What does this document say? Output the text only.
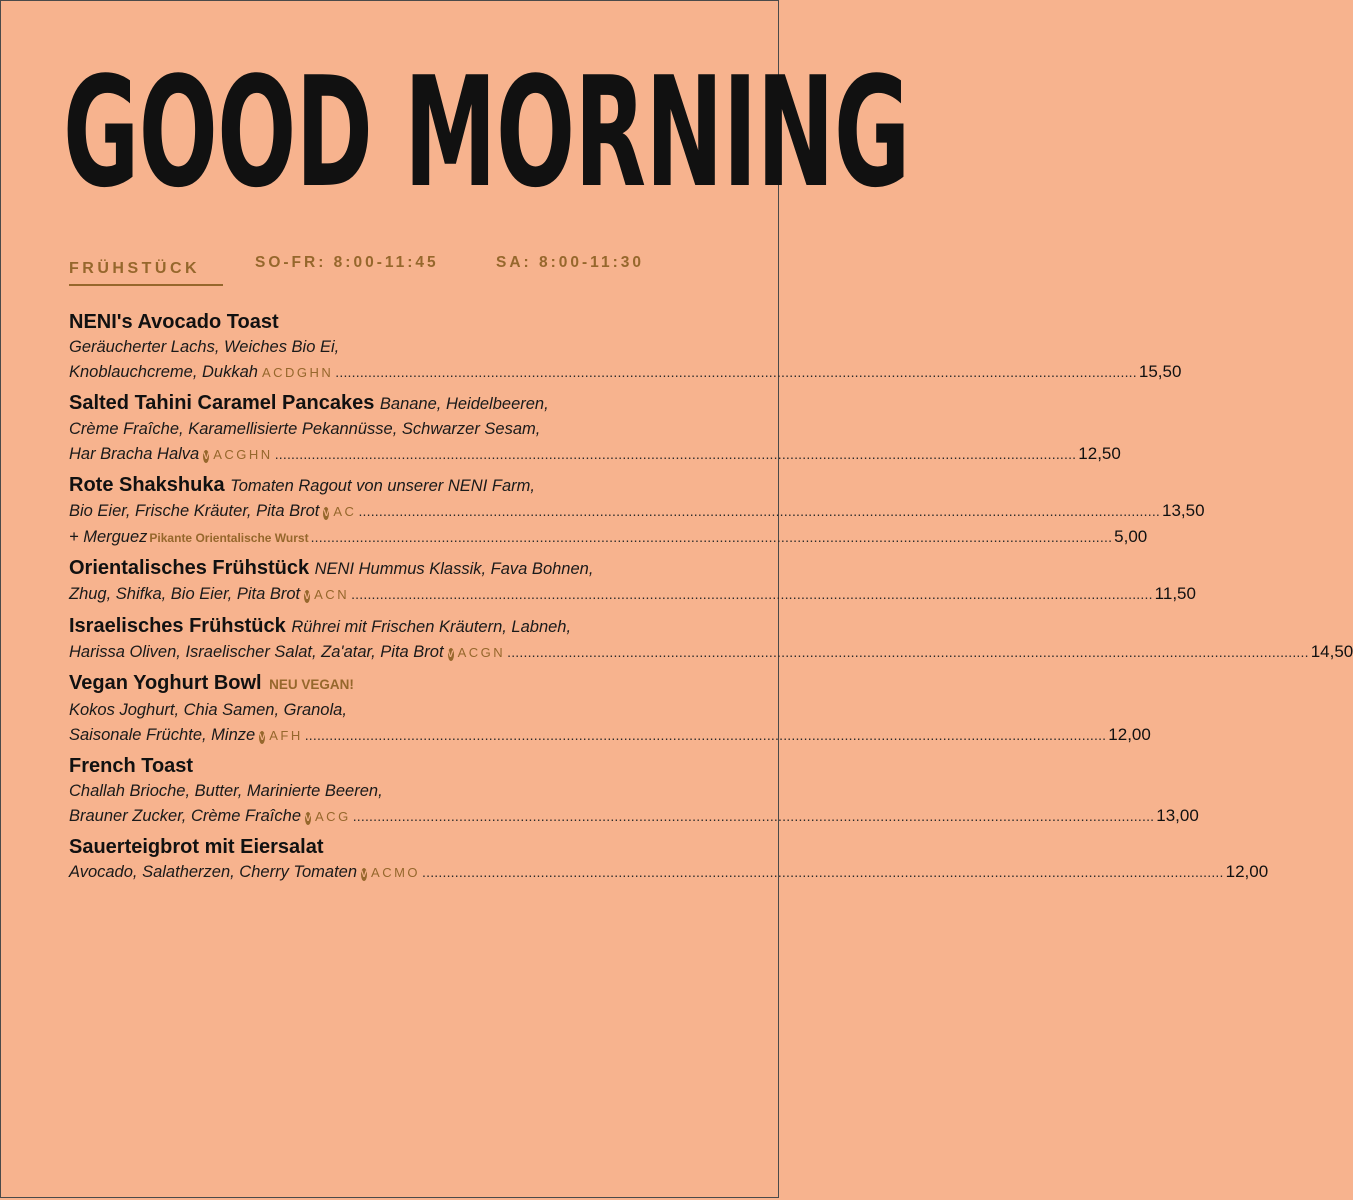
GOOD MORNING
FRÜHSTÜCK	SO-FR: 8:00-11:45	SA: 8:00-11:30
NENI's Avocado Toast
Geräucherter Lachs, Weiches Bio Ei,
Knoblauchcreme, Dukkah ACDGHN .....	15,50
Salted Tahini Caramel Pancakes Banane, Heidelbeeren,
Crème Fraîche, Karamellisierte Pekannüsse, Schwarzer Sesam,
Har Bracha Halva V ACGHN .....	12,50
Rote Shakshuka Tomaten Ragout von unserer NENI Farm,
Bio Eier, Frische Kräuter, Pita Brot V AC .....	13,50
+ Merguez Pikante Orientalische Wurst .....	5,00
Orientalisches Frühstück NENI Hummus Klassik, Fava Bohnen,
Zhug, Shifka, Bio Eier, Pita Brot V ACN .....	11,50
Israelisches Frühstück Rührei mit Frischen Kräutern, Labneh,
Harissa Oliven, Israelischer Salat, Za'atar, Pita Brot V ACGN .....	14,50
Vegan Yoghurt Bowl NEU VEGAN!
Kokos Joghurt, Chia Samen, Granola,
Saisonale Früchte, Minze V AFH .....	12,00
French Toast
Challah Brioche, Butter, Marinierte Beeren,
Brauner Zucker, Crème Fraîche V ACG .....	13,00
Sauerteigbrot mit Eiersalat
Avocado, Salatherzen, Cherry Tomaten V ACMO .....	12,00
